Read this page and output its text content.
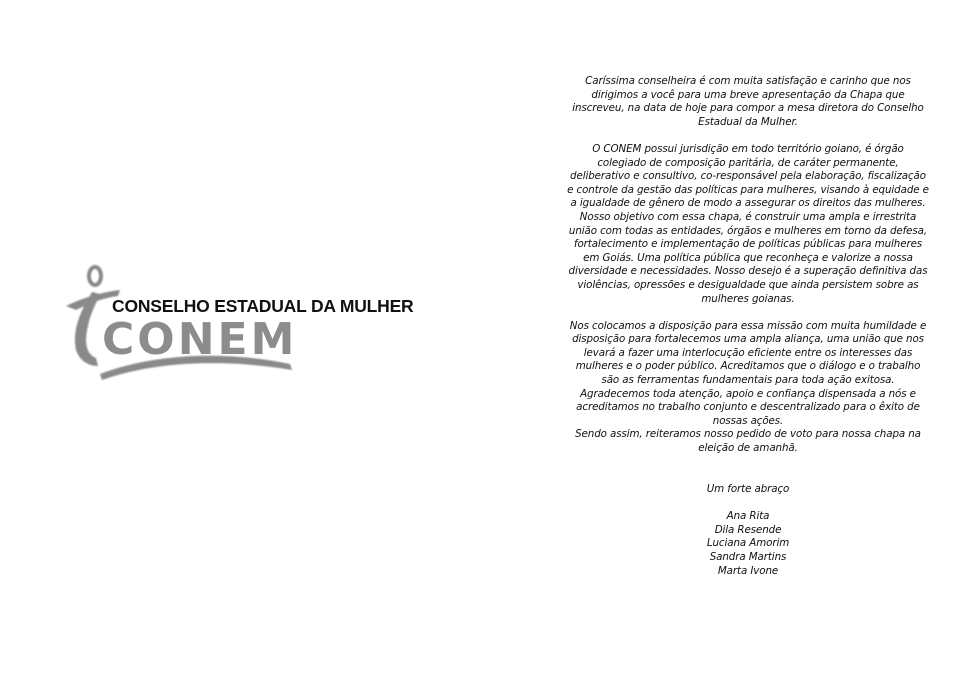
CONSELHO ESTADUAL DA MULHER
CONEM
Caríssima conselheira é com muita satisfação e carinho que nos
dirigimos a você para uma breve apresentação da Chapa que
inscreveu, na data de hoje para compor a mesa diretora do Conselho
Estadual da Mulher.
O CONEM possui jurisdição em todo território goiano, é órgão
colegiado de composição paritária, de caráter permanente,
deliberativo e consultivo, co-responsável pela elaboração, fiscalização
e controle da gestão das políticas para mulheres, visando à equidade e
a igualdade de gênero de modo a assegurar os direitos das mulheres.
Nosso objetivo com essa chapa, é construir uma ampla e irrestrita
união com todas as entidades, órgãos e mulheres em torno da defesa,
fortalecimento e implementação de políticas públicas para mulheres
em Goiás. Uma política pública que reconheça e valorize a nossa
diversidade e necessidades. Nosso desejo é a superação definitiva das
violências, opressões e desigualdade que ainda persistem sobre as
mulheres goianas.
Nos colocamos a disposição para essa missão com muita humildade e
disposição para fortalecemos uma ampla aliança, uma união que nos
levará a fazer uma interlocução eficiente entre os interesses das
mulheres e o poder público. Acreditamos que o diálogo e o trabalho
são as ferramentas fundamentais para toda ação exitosa.
Agradecemos toda atenção, apoio e confiança dispensada a nós e
acreditamos no trabalho conjunto e descentralizado para o êxito de
nossas ações.
Sendo assim, reiteramos nosso pedido de voto para nossa chapa na
eleição de amanhã.
Um forte abraço
Ana Rita
Dila Resende
Luciana Amorim
Sandra Martins
Marta Ivone
